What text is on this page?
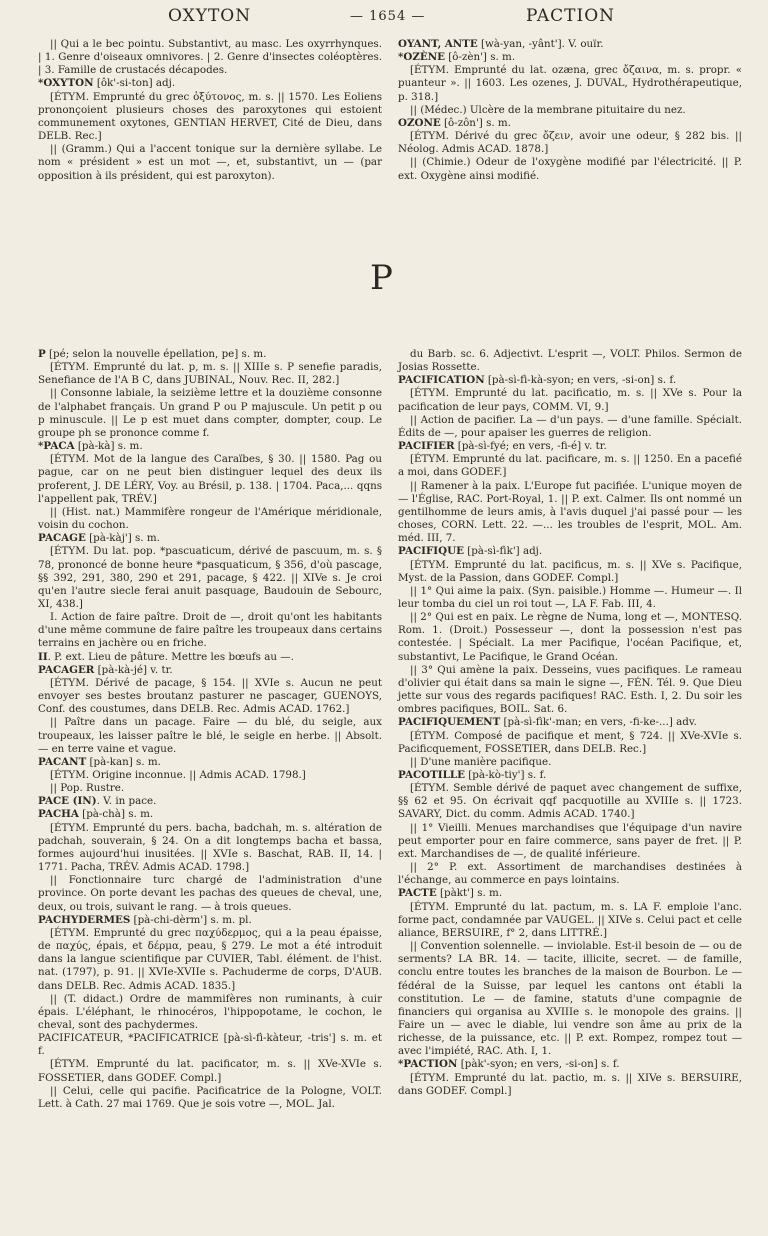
OXYTON	— 1654 —	PACTION

|| Qui a le bec pointu. Substantivt, au masc. Les oxyrrhynques. | 1. Genre d'oiseaux omnivores. | 2. Genre d'insectes coléoptères. | 3. Famille de crustacés décapodes.

*OXYTON [ôk'-si-ton] adj.

[ÉTYM. Emprunté du grec ὀξύτονος, m. s. || 1570. Les Eoliens prononçoient plusieurs choses des paroxytones qui estoient communement oxytones, GENTIAN HERVET, Cité de Dieu, dans DELB. Rec.]

|| (Gramm.) Qui a l'accent tonique sur la dernière syllabe. Le nom « président » est un mot —, et, substantivt, un — (par opposition à ils président, qui est paroxyton).

OYANT, ANTE [wà-yan, -yânt']. V. ouïr.

*OZÈNE [ô-zèn'] s. m.

[ÉTYM. Emprunté du lat. ozæna, grec ὄζαινα, m. s. propr. « puanteur ». || 1603. Les ozenes, J. DUVAL, Hydrothérapeutique, p. 318.]

|| (Médec.) Ulcère de la membrane pituitaire du nez.

OZONE [ô-zôn'] s. m.

[ÉTYM. Dérivé du grec ὄζειν, avoir une odeur, § 282 bis. || Néolog. Admis ACAD. 1878.]

|| (Chimie.) Odeur de l'oxygène modifié par l'électricité. || P. ext. Oxygène ainsi modifié.

P

P [pé; selon la nouvelle épellation, pe] s. m.

[ÉTYM. Emprunté du lat. p, m. s. || XIIIe s. P senefie paradis, Senefiance de l'A B C, dans JUBINAL, Nouv. Rec. II, 282.]

|| Consonne labiale, la seizième lettre et la douzième consonne de l'alphabet français. Un grand P ou P majuscule. Un petit p ou p minuscule. || Le p est muet dans compter, dompter, coup. Le groupe ph se prononce comme f.

*PACA [pà-kà] s. m.

[ÉTYM. Mot de la langue des Caraïbes, § 30. || 1580. Pag ou pague, car on ne peut bien distinguer lequel des deux ils proferent, J. DE LÉRY, Voy. au Brésil, p. 138. | 1704. Paca,... qqns l'appellent pak, TRÉV.]

|| (Hist. nat.) Mammifère rongeur de l'Amérique méridionale, voisin du cochon.

PACAGE [pà-kàj'] s. m.

[ÉTYM. Du lat. pop. *pascuaticum, dérivé de pascuum, m. s. § 78, prononcé de bonne heure *pasquaticum, § 356, d'où pascage, §§ 392, 291, 380, 290 et 291, pacage, § 422. || XIVe s. Je croi qu'en l'autre siecle ferai anuit pasquage, Baudouin de Sebourc, XI, 438.]

I. Action de faire paître. Droit de —, droit qu'ont les habitants d'une même commune de faire paître les troupeaux dans certains terrains en jachère ou en friche.

II. P. ext. Lieu de pâture. Mettre les bœufs au —.

PACAGER [pà-kà-jé] v. tr.

[ÉTYM. Dérivé de pacage, § 154. || XVIe s. Aucun ne peut envoyer ses bestes broutanz pasturer ne pascager, GUENOYS, Conf. des coustumes, dans DELB. Rec. Admis ACAD. 1762.]

|| Paître dans un pacage. Faire — du blé, du seigle, aux troupeaux, les laisser paître le blé, le seigle en herbe. || Absolt. — en terre vaine et vague.

PACANT [pà-kan] s. m.

[ÉTYM. Origine inconnue. || Admis ACAD. 1798.]

|| Pop. Rustre.

PACE (IN). V. in pace.

PACHA [pà-chà] s. m.

[ÉTYM. Emprunté du pers. bacha, badchah, m. s. altération de padchah, souverain, § 24. On a dit longtemps bacha et bassa, formes aujourd'hui inusitées. || XVIe s. Baschat, RAB. II, 14. | 1771. Pacha, TRÉV. Admis ACAD. 1798.]

|| Fonctionnaire turc chargé de l'administration d'une province. On porte devant les pachas des queues de cheval, une, deux, ou trois, suivant le rang. — à trois queues.

PACHYDERMES [pà-chi-dèrm'] s. m. pl.

[ÉTYM. Emprunté du grec παχύδερμος, qui a la peau épaisse, de παχύς, épais, et δέρμα, peau, § 279. Le mot a été introduit dans la langue scientifique par CUVIER, Tabl. élément. de l'hist. nat. (1797), p. 91. || XVIe-XVIIe s. Pachuderme de corps, D'AUB. dans DELB. Rec. Admis ACAD. 1835.]

|| (T. didact.) Ordre de mammifères non ruminants, à cuir épais. L'éléphant, le rhinocéros, l'hippopotame, le cochon, le cheval, sont des pachydermes.

PACIFICATEUR, *PACIFICATRICE [pà-sì-fì-kàteur, -tris'] s. m. et f.

[ÉTYM. Emprunté du lat. pacificator, m. s. || XVe-XVIe s. FOSSETIER, dans GODEF. Compl.]

|| Celui, celle qui pacifie. Pacificatrice de la Pologne, VOLT. Lett. à Cath. 27 mai 1769. Que je sois votre —, MOL. Jal.

du Barb. sc. 6. Adjectivt. L'esprit —, VOLT. Philos. Sermon de Josias Rossette.

PACIFICATION [pà-sì-fì-kà-syon; en vers, -si-on] s. f.

[ÉTYM. Emprunté du lat. pacificatio, m. s. || XVe s. Pour la pacification de leur pays, COMM. VI, 9.]

|| Action de pacifier. La — d'un pays. — d'une famille. Spécialt. Édits de —, pour apaiser les guerres de religion.

PACIFIER [pà-sì-fyé; en vers, -fi-é] v. tr.

[ÉTYM. Emprunté du lat. pacificare, m. s. || 1250. En a pacefié a moi, dans GODEF.]

|| Ramener à la paix. L'Europe fut pacifiée. L'unique moyen de — l'Église, RAC. Port-Royal, 1. || P. ext. Calmer. Ils ont nommé un gentilhomme de leurs amis, à l'avis duquel j'ai passé pour — les choses, CORN. Lett. 22. —... les troubles de l'esprit, MOL. Am. méd. III, 7.

PACIFIQUE [pà-sì-fìk'] adj.

[ÉTYM. Emprunté du lat. pacificus, m. s. || XVe s. Pacifique, Myst. de la Passion, dans GODEF. Compl.]

|| 1° Qui aime la paix. (Syn. paisible.) Homme —. Humeur —. Il leur tomba du ciel un roi tout —, LA F. Fab. III, 4.

|| 2° Qui est en paix. Le règne de Numa, long et —, MONTESQ. Rom. 1. (Droit.) Possesseur —, dont la possession n'est pas contestée. | Spécialt. La mer Pacifique, l'océan Pacifique, et, substantivt, Le Pacifique, le Grand Océan.

|| 3° Qui amène la paix. Desseins, vues pacifiques. Le rameau d'olivier qui était dans sa main le signe —, FÉN. Tél. 9. Que Dieu jette sur vous des regards pacifiques! RAC. Esth. I, 2. Du soir les ombres pacifiques, BOIL. Sat. 6.

PACIFIQUEMENT [pà-sì-fìk'-man; en vers, -fi-ke-...] adv.

[ÉTYM. Composé de pacifique et ment, § 724. || XVe-XVIe s. Pacificquement, FOSSETIER, dans DELB. Rec.]

|| D'une manière pacifique.

PACOTILLE [pà-kò-tiy'] s. f.

[ÉTYM. Semble dérivé de paquet avec changement de suffixe, §§ 62 et 95. On écrivait qqf pacquotille au XVIIIe s. || 1723. SAVARY, Dict. du comm. Admis ACAD. 1740.]

|| 1° Vieilli. Menues marchandises que l'équipage d'un navire peut emporter pour en faire commerce, sans payer de fret. || P. ext. Marchandises de —, de qualité inférieure.

|| 2° P. ext. Assortiment de marchandises destinées à l'échange, au commerce en pays lointains.

PACTE [pàkt'] s. m.

[ÉTYM. Emprunté du lat. pactum, m. s. LA F. emploie l'anc. forme pact, condamnée par VAUGEL. || XIVe s. Celui pact et celle aliance, BERSUIRE, f° 2, dans LITTRÉ.]

|| Convention solennelle. — inviolable. Est-il besoin de — ou de serments? LA BR. 14. — tacite, illicite, secret. — de famille, conclu entre toutes les branches de la maison de Bourbon. Le — fédéral de la Suisse, par lequel les cantons ont établi la constitution. Le — de famine, statuts d'une compagnie de financiers qui organisa au XVIIIe s. le monopole des grains. || Faire un — avec le diable, lui vendre son âme au prix de la richesse, de la puissance, etc. || P. ext. Rompez, rompez tout — avec l'impiété, RAC. Ath. I, 1.

*PACTION [pàk'-syon; en vers, -si-on] s. f.

[ÉTYM. Emprunté du lat. pactio, m. s. || XIVe s. BERSUIRE, dans GODEF. Compl.]
